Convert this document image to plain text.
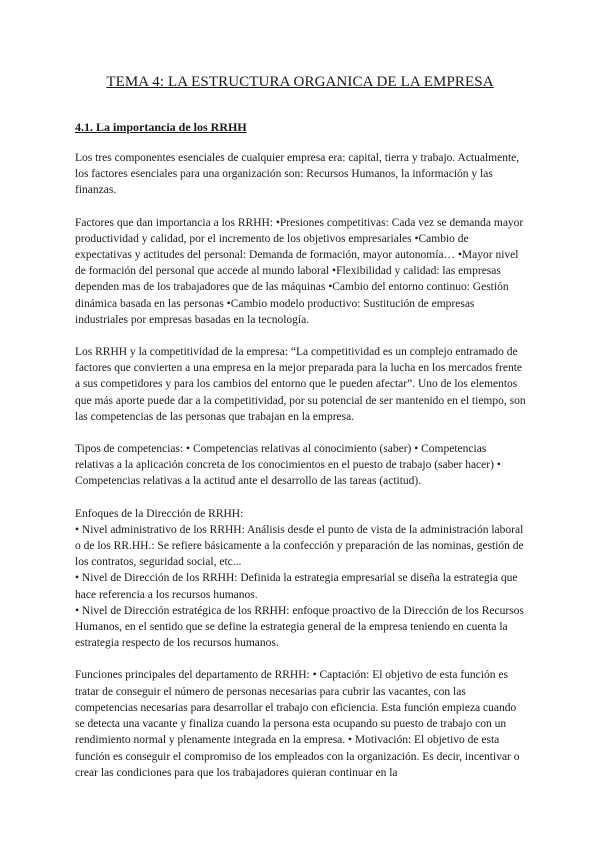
TEMA 4: LA ESTRUCTURA ORGANICA DE LA EMPRESA
4.1. La importancia de los RRHH

Los tres componentes esenciales de cualquier empresa era: capital, tierra y trabajo. Actualmente, los factores esenciales para una organización son: Recursos Humanos, la información y las finanzas.

Factores que dan importancia a los RRHH: •Presiones competitivas: Cada vez se demanda mayor productividad y calidad, por el incremento de los objetivos empresariales •Cambio de expectativas y actitudes del personal: Demanda de formación, mayor autonomía… •Mayor nivel de formación del personal que accede al mundo laboral •Flexibilidad y calidad: las empresas dependen mas de los trabajadores que de las máquinas •Cambio del entorno continuo: Gestión dinámica basada en las personas •Cambio modelo productivo: Sustitución de empresas industriales por empresas basadas en la tecnología.

Los RRHH y la competitividad de la empresa: “La competitividad es un complejo entramado de factores que convierten a una empresa en la mejor preparada para la lucha en los mercados frente a sus competidores y para los cambios del entorno que le pueden afectar”. Uno de los elementos que más aporte puede dar a la competitividad, por su potencial de ser mantenido en el tiempo, son las competencias de las personas que trabajan en la empresa.

Tipos de competencias: • Competencias relativas al conocimiento (saber) • Competencias relativas a la aplicación concreta de los conocimientos en el puesto de trabajo (saber hacer) • Competencias relativas a la actitud ante el desarrollo de las tareas (actitud).

Enfoques de la Dirección de RRHH:

• Nivel administrativo de los RRHH: Análisis desde el punto de vista de la administración laboral o de los RR.HH.: Se refiere básicamente a la confección y preparación de las nominas, gestión de los contratos, seguridad social, etc...

• Nivel de Dirección de los RRHH: Definida la estrategia empresarial se diseña la estrategia que hace referencia a los recursos humanos.

• Nivel de Dirección estratégica de los RRHH: enfoque proactivo de la Dirección de los Recursos Humanos, en el sentido que se define la estrategia general de la empresa teniendo en cuenta la estrategia respecto de los recursos humanos.

Funciones principales del departamento de RRHH: • Captación: El objetivo de esta función es tratar de conseguir el número de personas necesarias para cubrir las vacantes, con las competencias necesarias para desarrollar el trabajo con eficiencia. Esta función empieza cuando se detecta una vacante y finaliza cuando la persona esta ocupando su puesto de trabajo con un rendimiento normal y plenamente integrada en la empresa. • Motivación: El objetivo de esta función es conseguir el compromiso de los empleados con la organización. Es decir, incentivar o crear las condiciones para que los trabajadores quieran continuar en la
